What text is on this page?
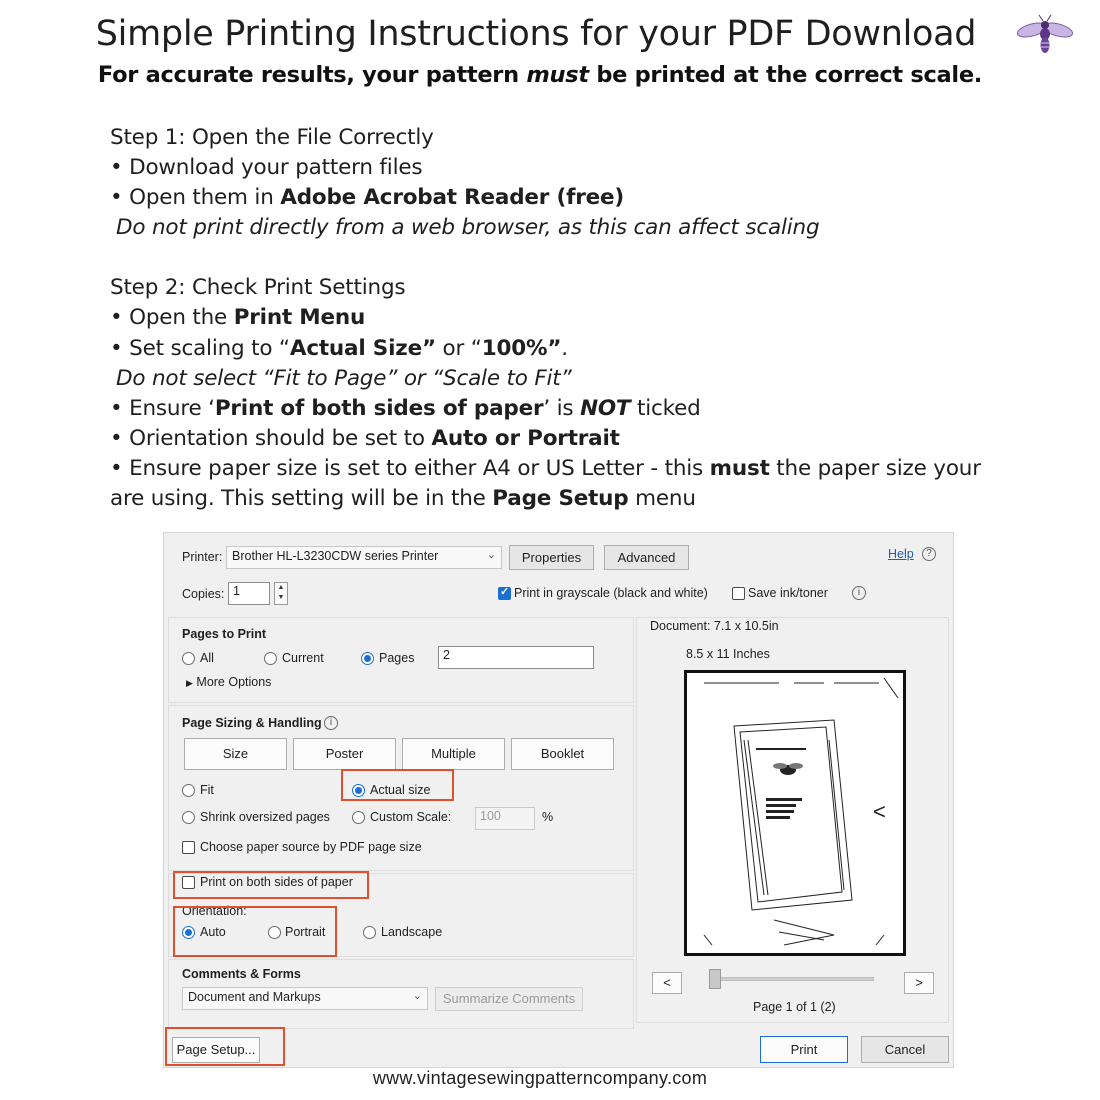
Simple Printing Instructions for your PDF Download
For accurate results, your pattern must be printed at the correct scale.
Step 1: Open the File Correctly
• Download your pattern files
• Open them in Adobe Acrobat Reader (free)
Do not print directly from a web browser, as this can affect scaling
Step 2: Check Print Settings
• Open the Print Menu
• Set scaling to “Actual Size” or “100%”.
Do not select “Fit to Page” or “Scale to Fit”
• Ensure ‘Print of both sides of paper’ is NOT ticked
• Orientation should be set to Auto or Portrait
• Ensure paper size is set to either A4 or US Letter - this must the paper size your
are using. This setting will be in the Page Setup menu
Printer: Brother HL-L3230CDW series Printer	⌄	Properties	Advanced	Help	?
Copies: 1	▲
▼ ✓	Print in grayscale (black and white)	Save ink/toner	i
Pages to Print
All	Current	Pages	2
▶ More Options
Page Sizing & Handling i
Size	Poster	Multiple	Booklet
Fit	Actual size
Shrink oversized pages	Custom Scale:	100	%
Choose paper source by PDF page size
Print on both sides of paper
Orientation:
Auto	Portrait	Landscape
Comments & Forms
Document and Markups	⌄	Summarize Comments
Document: 7.1 x 10.5in
8.5 x 11 Inches
<
<	>
Page 1 of 1 (2)
Page Setup...	Print	Cancel
www.vintagesewingpatterncompany.com
